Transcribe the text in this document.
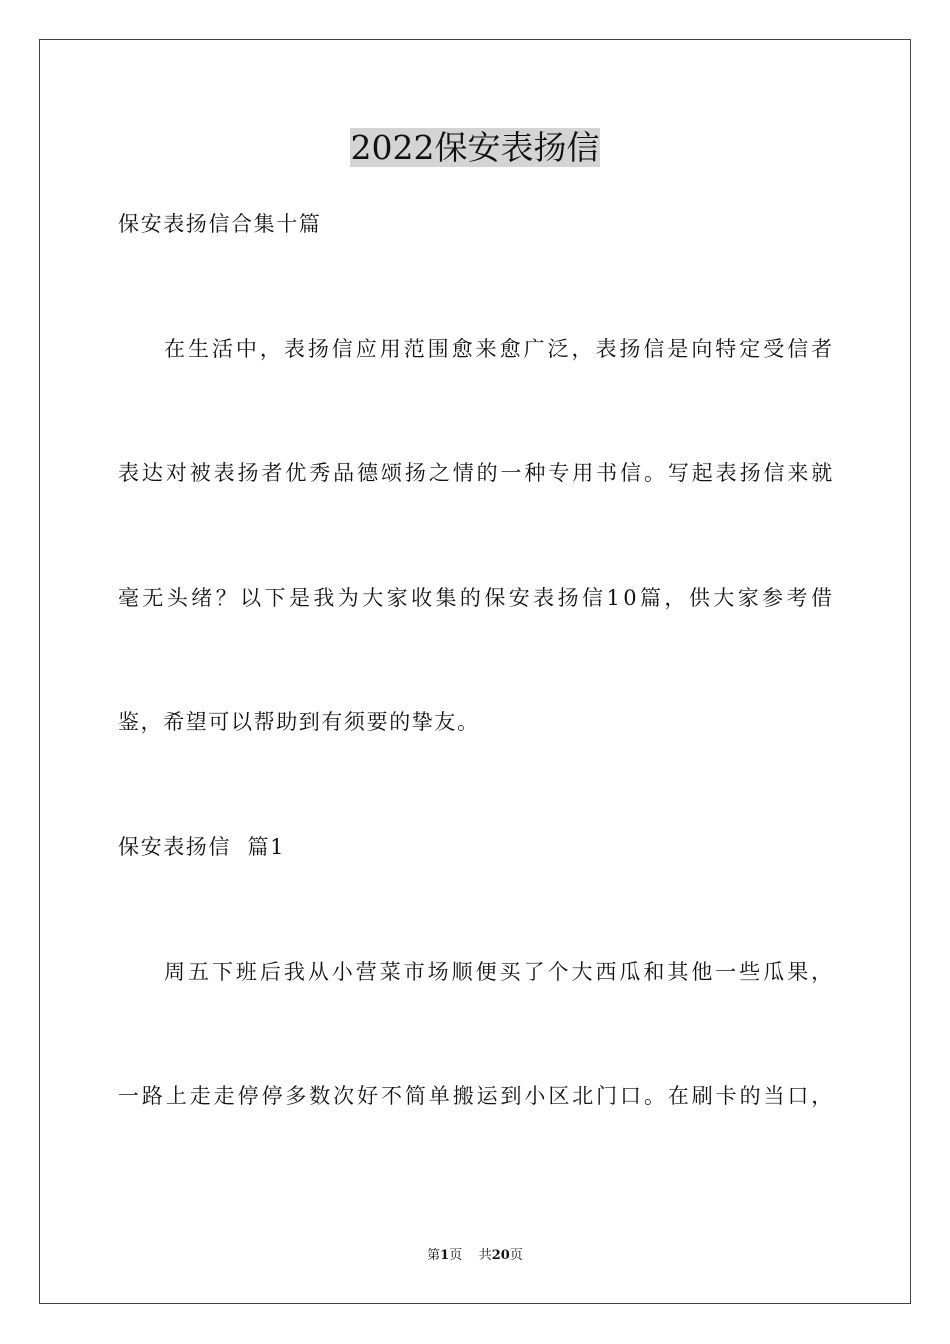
2022保安表扬信
保安表扬信合集十篇
在 生 活 中 ， 表 扬 信 应 用 范 围 愈 来 愈 广 泛 ， 表 扬 信 是 向 特 定 受 信 者
表 达 对 被 表 扬 者 优 秀 品 德 颂 扬 之 情 的 一 种 专 用 书 信 。 写 起 表 扬 信 来 就
毫 无 头 绪 ？ 以 下 是 我 为 大 家 收 集 的 保 安 表 扬 信 1 0 篇 ， 供 大 家 参 考 借
鉴，希望可以帮助到有须要的挚友。
保安表扬信  篇1
周 五 下 班 后 我 从 小 营 菜 市 场 顺 便 买 了 个 大 西 瓜 和 其 他 一 些 瓜 果 ，
一 路 上 走 走 停 停 多 数 次 好 不 简 单 搬 运 到 小 区 北 门 口 。 在 刷 卡 的 当 口 ，
第1页 共20页
